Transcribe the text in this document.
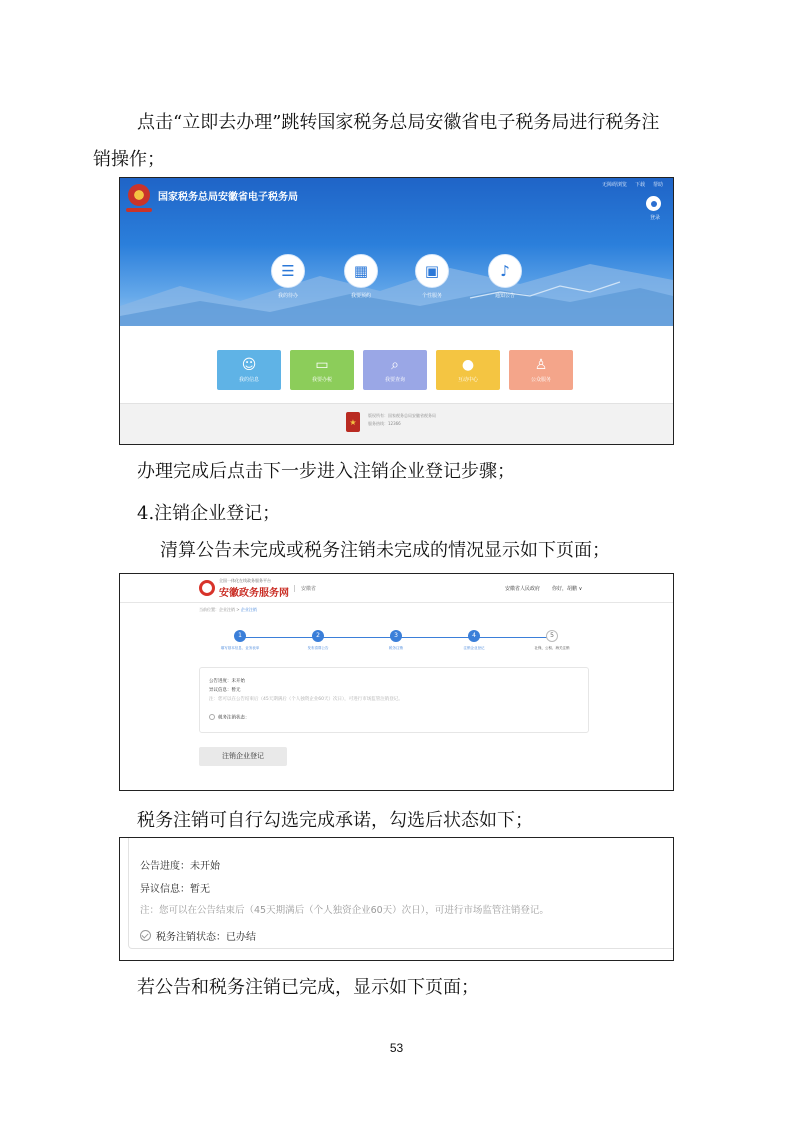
点击“立即去办理”跳转国家税务总局安徽省电子税务局进行税务注
销操作；
国家税务总局安徽省电子税务局
无障碍浏览 下载 帮助
登录
☰
我的待办
▦
我要预约
▣
个性服务
♪
通知公告
☺
我的信息
▭
我要办税
⌕
我要查询
●
互动中心
♙
公众服务
★
版权所有：国家税务总局安徽省税务局
服务热线：12366
办理完成后点击下一步进入注销企业登记步骤；
4.注销企业登记；
清算公告未完成或税务注销未完成的情况显示如下页面；
全国一体化在线政务服务平台
安徽政务服务网	安徽省	安徽省人民政府 你好，胡鹏 ∨
当前位置：企业注销 > 企业注销
1
填写基本信息、业务表单
2
发布清算公告
3
税务注销
4
注销企业登记
5
社保、公积、海关注销
公告进度：未开始
异议信息：暂无
注：您可以在公告结束后（45天期满后（个人独资企业60天）次日），可进行市场监管注销登记。
税务注销状态：
注销企业登记
税务注销可自行勾选完成承诺，勾选后状态如下；
公告进度：未开始
异议信息：暂无
注：您可以在公告结束后（45天期满后（个人独资企业60天）次日），可进行市场监管注销登记。
税务注销状态：已办结
若公告和税务注销已完成，显示如下页面；
53
